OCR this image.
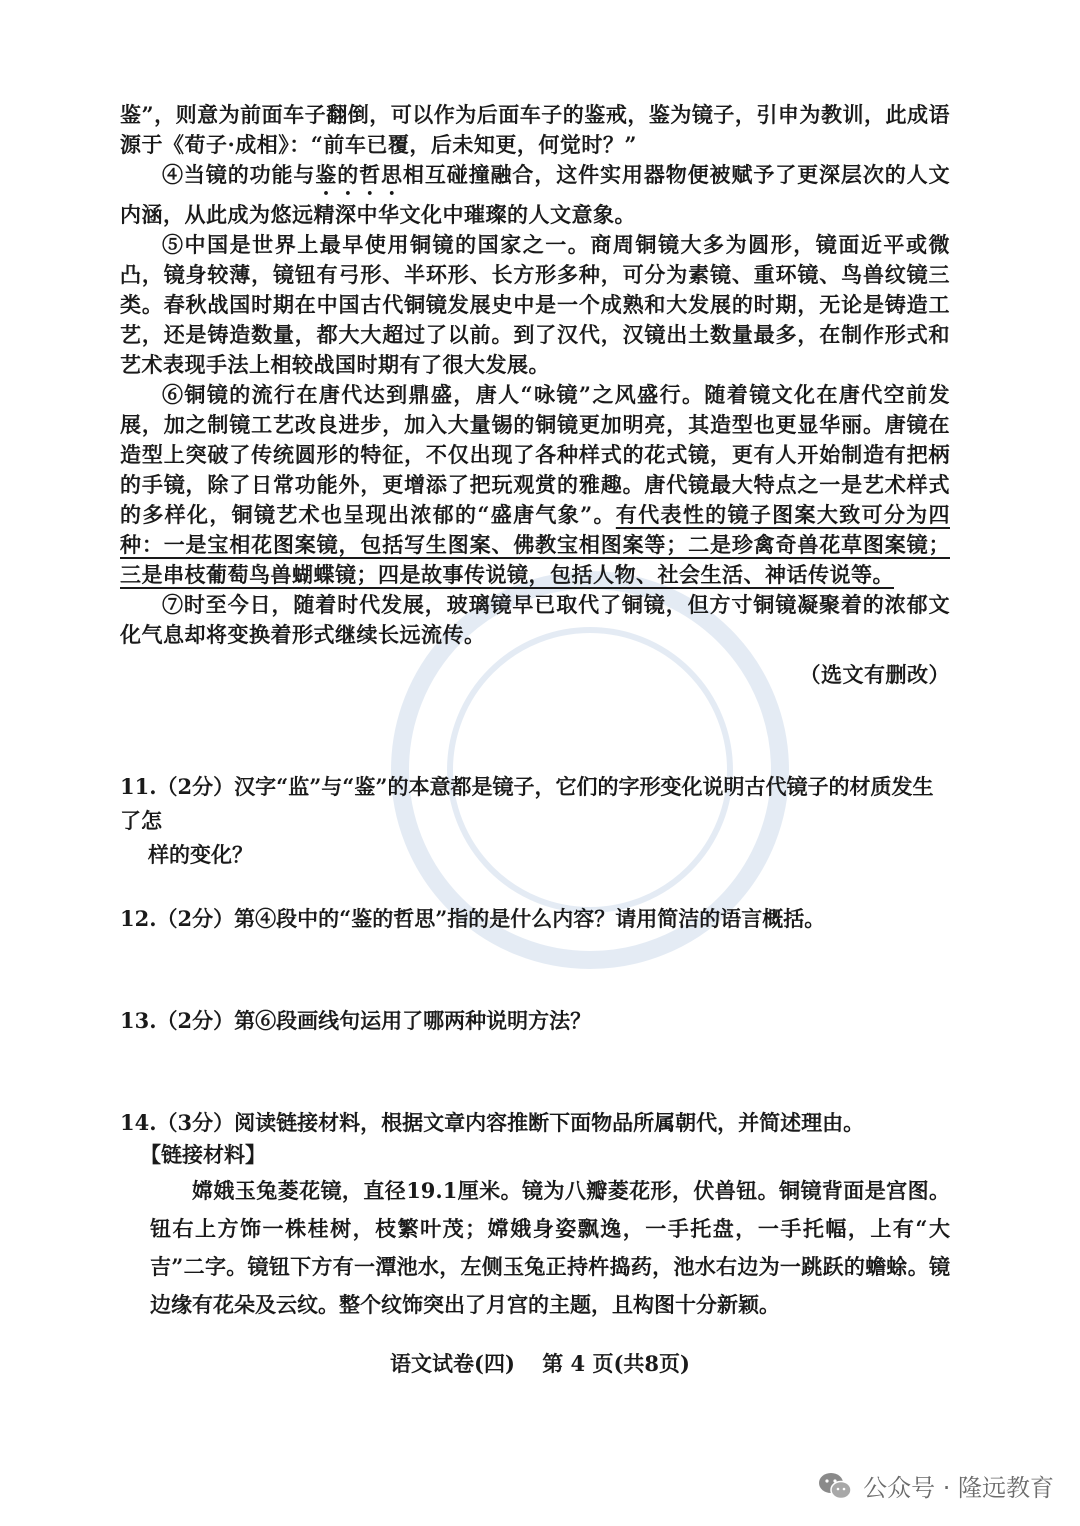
鉴”，则意为前面车子翻倒，可以作为后面车子的鉴戒，鉴为镜子，引申为教训，此成语源于《荀子·成相》：“前车已覆，后未知更，何觉时？”

④当镜的功能与鉴的哲思相互碰撞融合，这件实用器物便被赋予了更深层次的人文内涵，从此成为悠远精深中华文化中璀璨的人文意象。

⑤中国是世界上最早使用铜镜的国家之一。商周铜镜大多为圆形，镜面近平或微凸，镜身较薄，镜钮有弓形、半环形、长方形多种，可分为素镜、重环镜、鸟兽纹镜三类。春秋战国时期在中国古代铜镜发展史中是一个成熟和大发展的时期，无论是铸造工艺，还是铸造数量，都大大超过了以前。到了汉代，汉镜出土数量最多，在制作形式和艺术表现手法上相较战国时期有了很大发展。

⑥铜镜的流行在唐代达到鼎盛，唐人“咏镜”之风盛行。随着镜文化在唐代空前发展，加之制镜工艺改良进步，加入大量锡的铜镜更加明亮，其造型也更显华丽。唐镜在造型上突破了传统圆形的特征，不仅出现了各种样式的花式镜，更有人开始制造有把柄的手镜，除了日常功能外，更增添了把玩观赏的雅趣。唐代镜最大特点之一是艺术样式的多样化，铜镜艺术也呈现出浓郁的“盛唐气象”。有代表性的镜子图案大致可分为四种：一是宝相花图案镜，包括写生图案、佛教宝相图案等；二是珍禽奇兽花草图案镜；三是串枝葡萄鸟兽蝴蝶镜；四是故事传说镜，包括人物、社会生活、神话传说等。

⑦时至今日，随着时代发展，玻璃镜早已取代了铜镜，但方寸铜镜凝聚着的浓郁文化气息却将变换着形式继续长远流传。

（选文有删改）

11.（2分）汉字“监”与“鉴”的本意都是镜子，它们的字形变化说明古代镜子的材质发生了怎
样的变化？
12.（2分）第④段中的“鉴的哲思”指的是什么内容？请用简洁的语言概括。
13.（2分）第⑥段画线句运用了哪两种说明方法？
14.（3分）阅读链接材料，根据文章内容推断下面物品所属朝代，并简述理由。
【链接材料】
嫦娥玉兔菱花镜，直径19.1厘米。镜为八瓣菱花形，伏兽钮。铜镜背面是宫图。钮右上方饰一株桂树，枝繁叶茂；嫦娥身姿飘逸，一手托盘，一手托幅，上有“大吉”二字。镜钮下方有一潭池水，左侧玉兔正持杵捣药，池水右边为一跳跃的蟾蜍。镜边缘有花朵及云纹。整个纹饰突出了月宫的主题，且构图十分新颖。
语文试卷(四) 第 4 页(共8页)
公众号 · 隆远教育
